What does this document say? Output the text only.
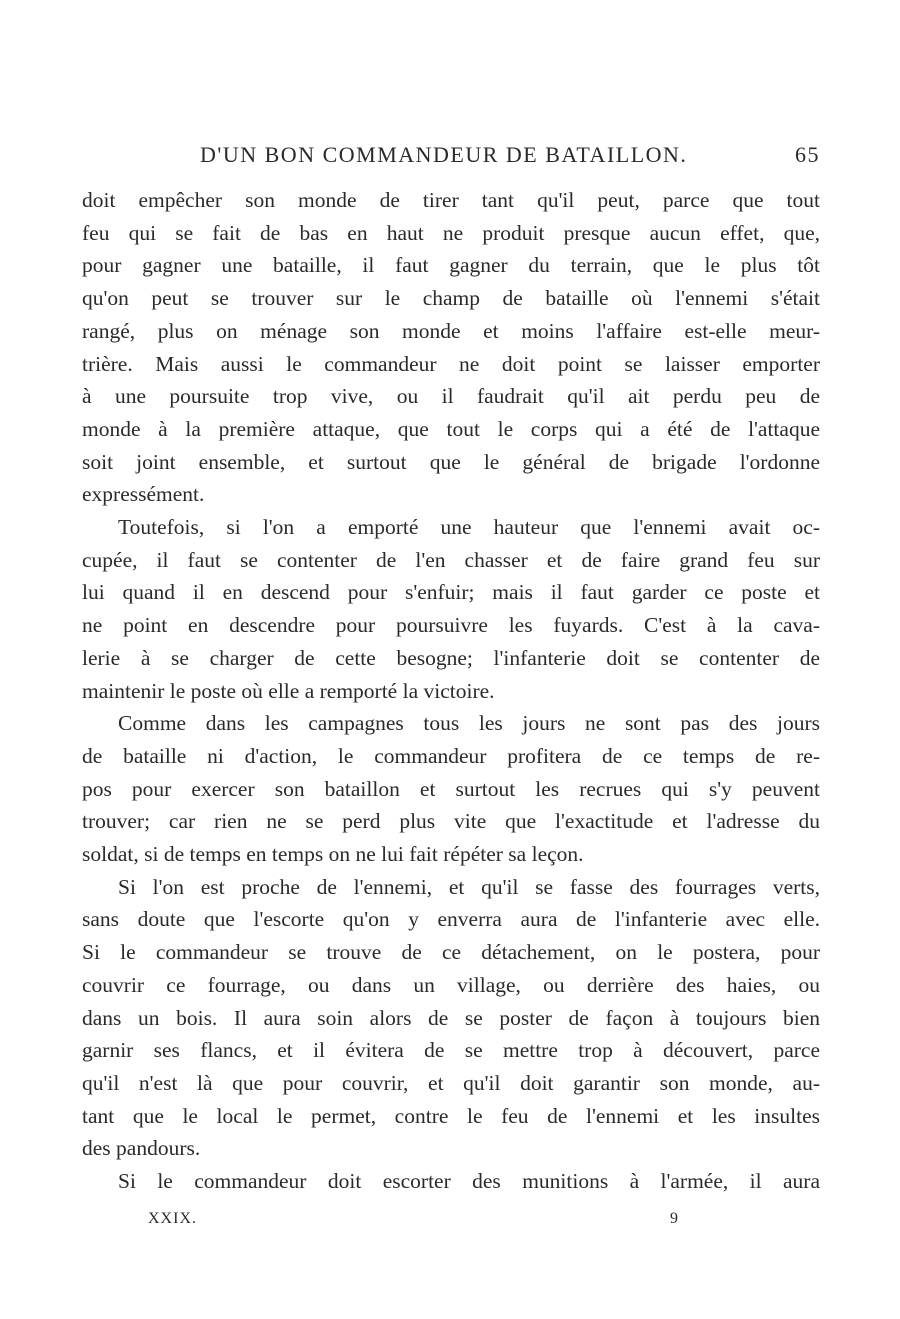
D'UN BON COMMANDEUR DE BATAILLON.	65

doit empêcher son monde de tirer tant qu'il peut, parce que tout
feu qui se fait de bas en haut ne produit presque aucun effet, que,
pour gagner une bataille, il faut gagner du terrain, que le plus tôt
qu'on peut se trouver sur le champ de bataille où l'ennemi s'était
rangé, plus on ménage son monde et moins l'affaire est-elle meur-
trière. Mais aussi le commandeur ne doit point se laisser emporter
à une poursuite trop vive, ou il faudrait qu'il ait perdu peu de
monde à la première attaque, que tout le corps qui a été de l'attaque
soit joint ensemble, et surtout que le général de brigade l'ordonne
expressément.

Toutefois, si l'on a emporté une hauteur que l'ennemi avait oc-
cupée, il faut se contenter de l'en chasser et de faire grand feu sur
lui quand il en descend pour s'enfuir; mais il faut garder ce poste et
ne point en descendre pour poursuivre les fuyards. C'est à la cava-
lerie à se charger de cette besogne; l'infanterie doit se contenter de
maintenir le poste où elle a remporté la victoire.

Comme dans les campagnes tous les jours ne sont pas des jours
de bataille ni d'action, le commandeur profitera de ce temps de re-
pos pour exercer son bataillon et surtout les recrues qui s'y peuvent
trouver; car rien ne se perd plus vite que l'exactitude et l'adresse du
soldat, si de temps en temps on ne lui fait répéter sa leçon.

Si l'on est proche de l'ennemi, et qu'il se fasse des fourrages verts,
sans doute que l'escorte qu'on y enverra aura de l'infanterie avec elle.
Si le commandeur se trouve de ce détachement, on le postera, pour
couvrir ce fourrage, ou dans un village, ou derrière des haies, ou
dans un bois. Il aura soin alors de se poster de façon à toujours bien
garnir ses flancs, et il évitera de se mettre trop à découvert, parce
qu'il n'est là que pour couvrir, et qu'il doit garantir son monde, au-
tant que le local le permet, contre le feu de l'ennemi et les insultes
des pandours.

Si le commandeur doit escorter des munitions à l'armée, il aura

XXIX.	9
